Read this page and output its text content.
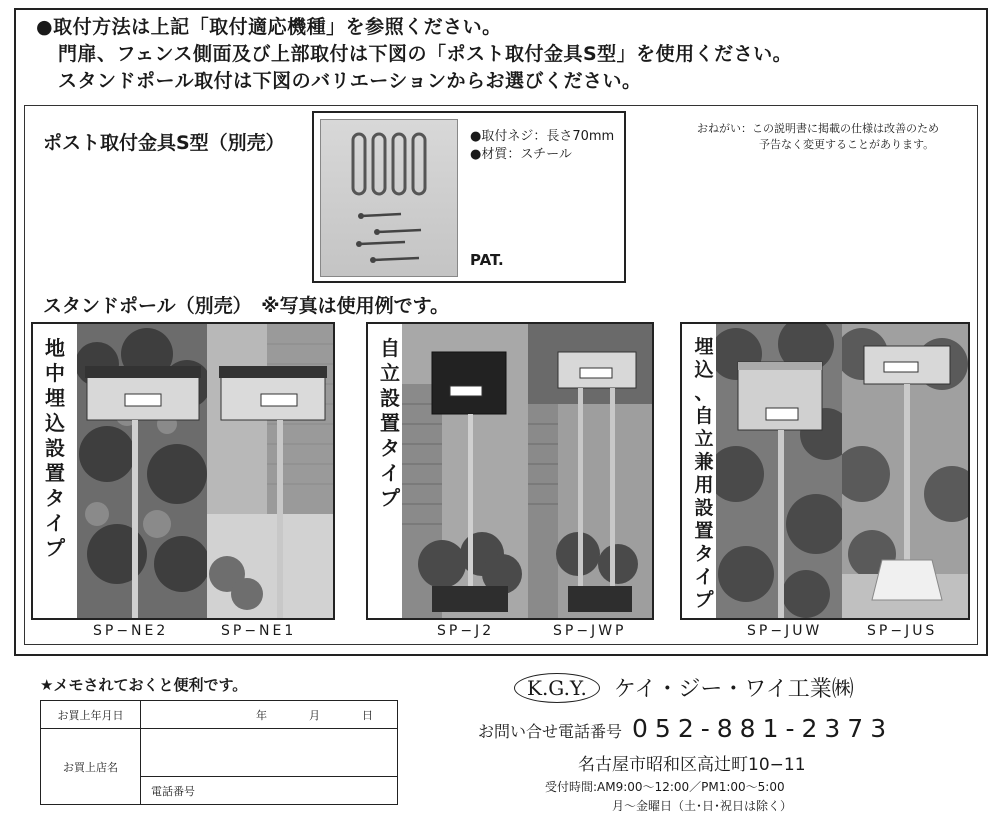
●取付方法は上記「取付適応機種」を参照ください。
門扉、フェンス側面及び上部取付は下図の「ポスト取付金具S型」を使用ください。
スタンドポール取付は下図のバリエーションからお選びください。
ポスト取付金具S型（別売）	●取付ネジ：長さ70mm
●材質：スチール
PAT.
おねがい：この説明書に掲載の仕様は改善のため
予告なく変更することがあります。
スタンドポール（別売）　※写真は使用例です。
地
中
埋
込
設
置
タ
イ
プ
SP−NE2	SP−NE1
自
立
設
置
タ
イ
プ
SP−J2	SP−JWP
埋
込
、
自
立
兼
用
設
置
タ
イ
プ
SP−JUW	SP−JUS
★メモされておくと便利です。
お買上年月日	年 月 日

お買上店名	
	電話番号
K.G.Y.	ケイ・ジー・ワイ工業㈱
お問い合せ電話番号 052-881-2373
名古屋市昭和区高辻町10−11
受付時間:AM9:00～12:00／PM1:00～5:00
月～金曜日（土･日･祝日は除く）
